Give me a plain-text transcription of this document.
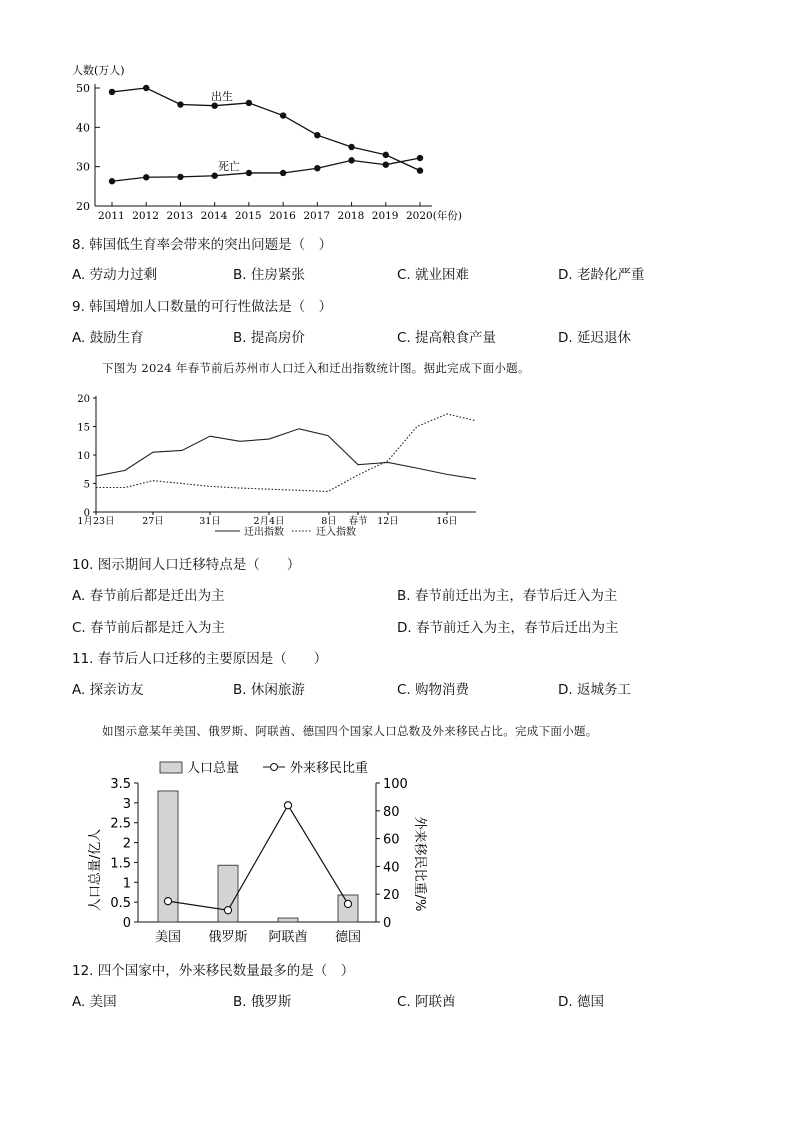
人数(万人)
50
40
30
20
2011 2012 2013 2014 2015 2016 2017 2018 2019 2020(年份)
出生
死亡
8. 韩国低生育率会带来的突出问题是（　）
A. 劳动力过剩	B. 住房紧张	C. 就业困难	D. 老龄化严重
9. 韩国增加人口数量的可行性做法是（　）
A. 鼓励生育	B. 提高房价	C. 提高粮食产量	D. 延迟退休
下图为 2024 年春节前后苏州市人口迁入和迁出指数统计图。据此完成下面小题。
20
15
10
5
0
1月23日	27日	31日	2月4日	8日 春节 12日	16日
迁出指数	迁入指数
10. 图示期间人口迁移特点是（　　）
A. 春节前后都是迁出为主	B. 春节前迁出为主，春节后迁入为主
C. 春节前后都是迁入为主	D. 春节前迁入为主，春节后迁出为主
11. 春节后人口迁移的主要原因是（　　）
A. 探亲访友	B. 休闲旅游	C. 购物消费	D. 返城务工
如图示意某年美国、俄罗斯、阿联酋、德国四个国家人口总数及外来移民占比。完成下面小题。
人口总量	外来移民比重
人口总量/亿人	外来移民比重/%
3.5
3
2.5
2
1.5
1
0.5
0
100
80
60
40
20
0
美国 俄罗斯 阿联酋 德国
12. 四个国家中，外来移民数量最多的是（　）
A. 美国	B. 俄罗斯	C. 阿联酋	D. 德国
